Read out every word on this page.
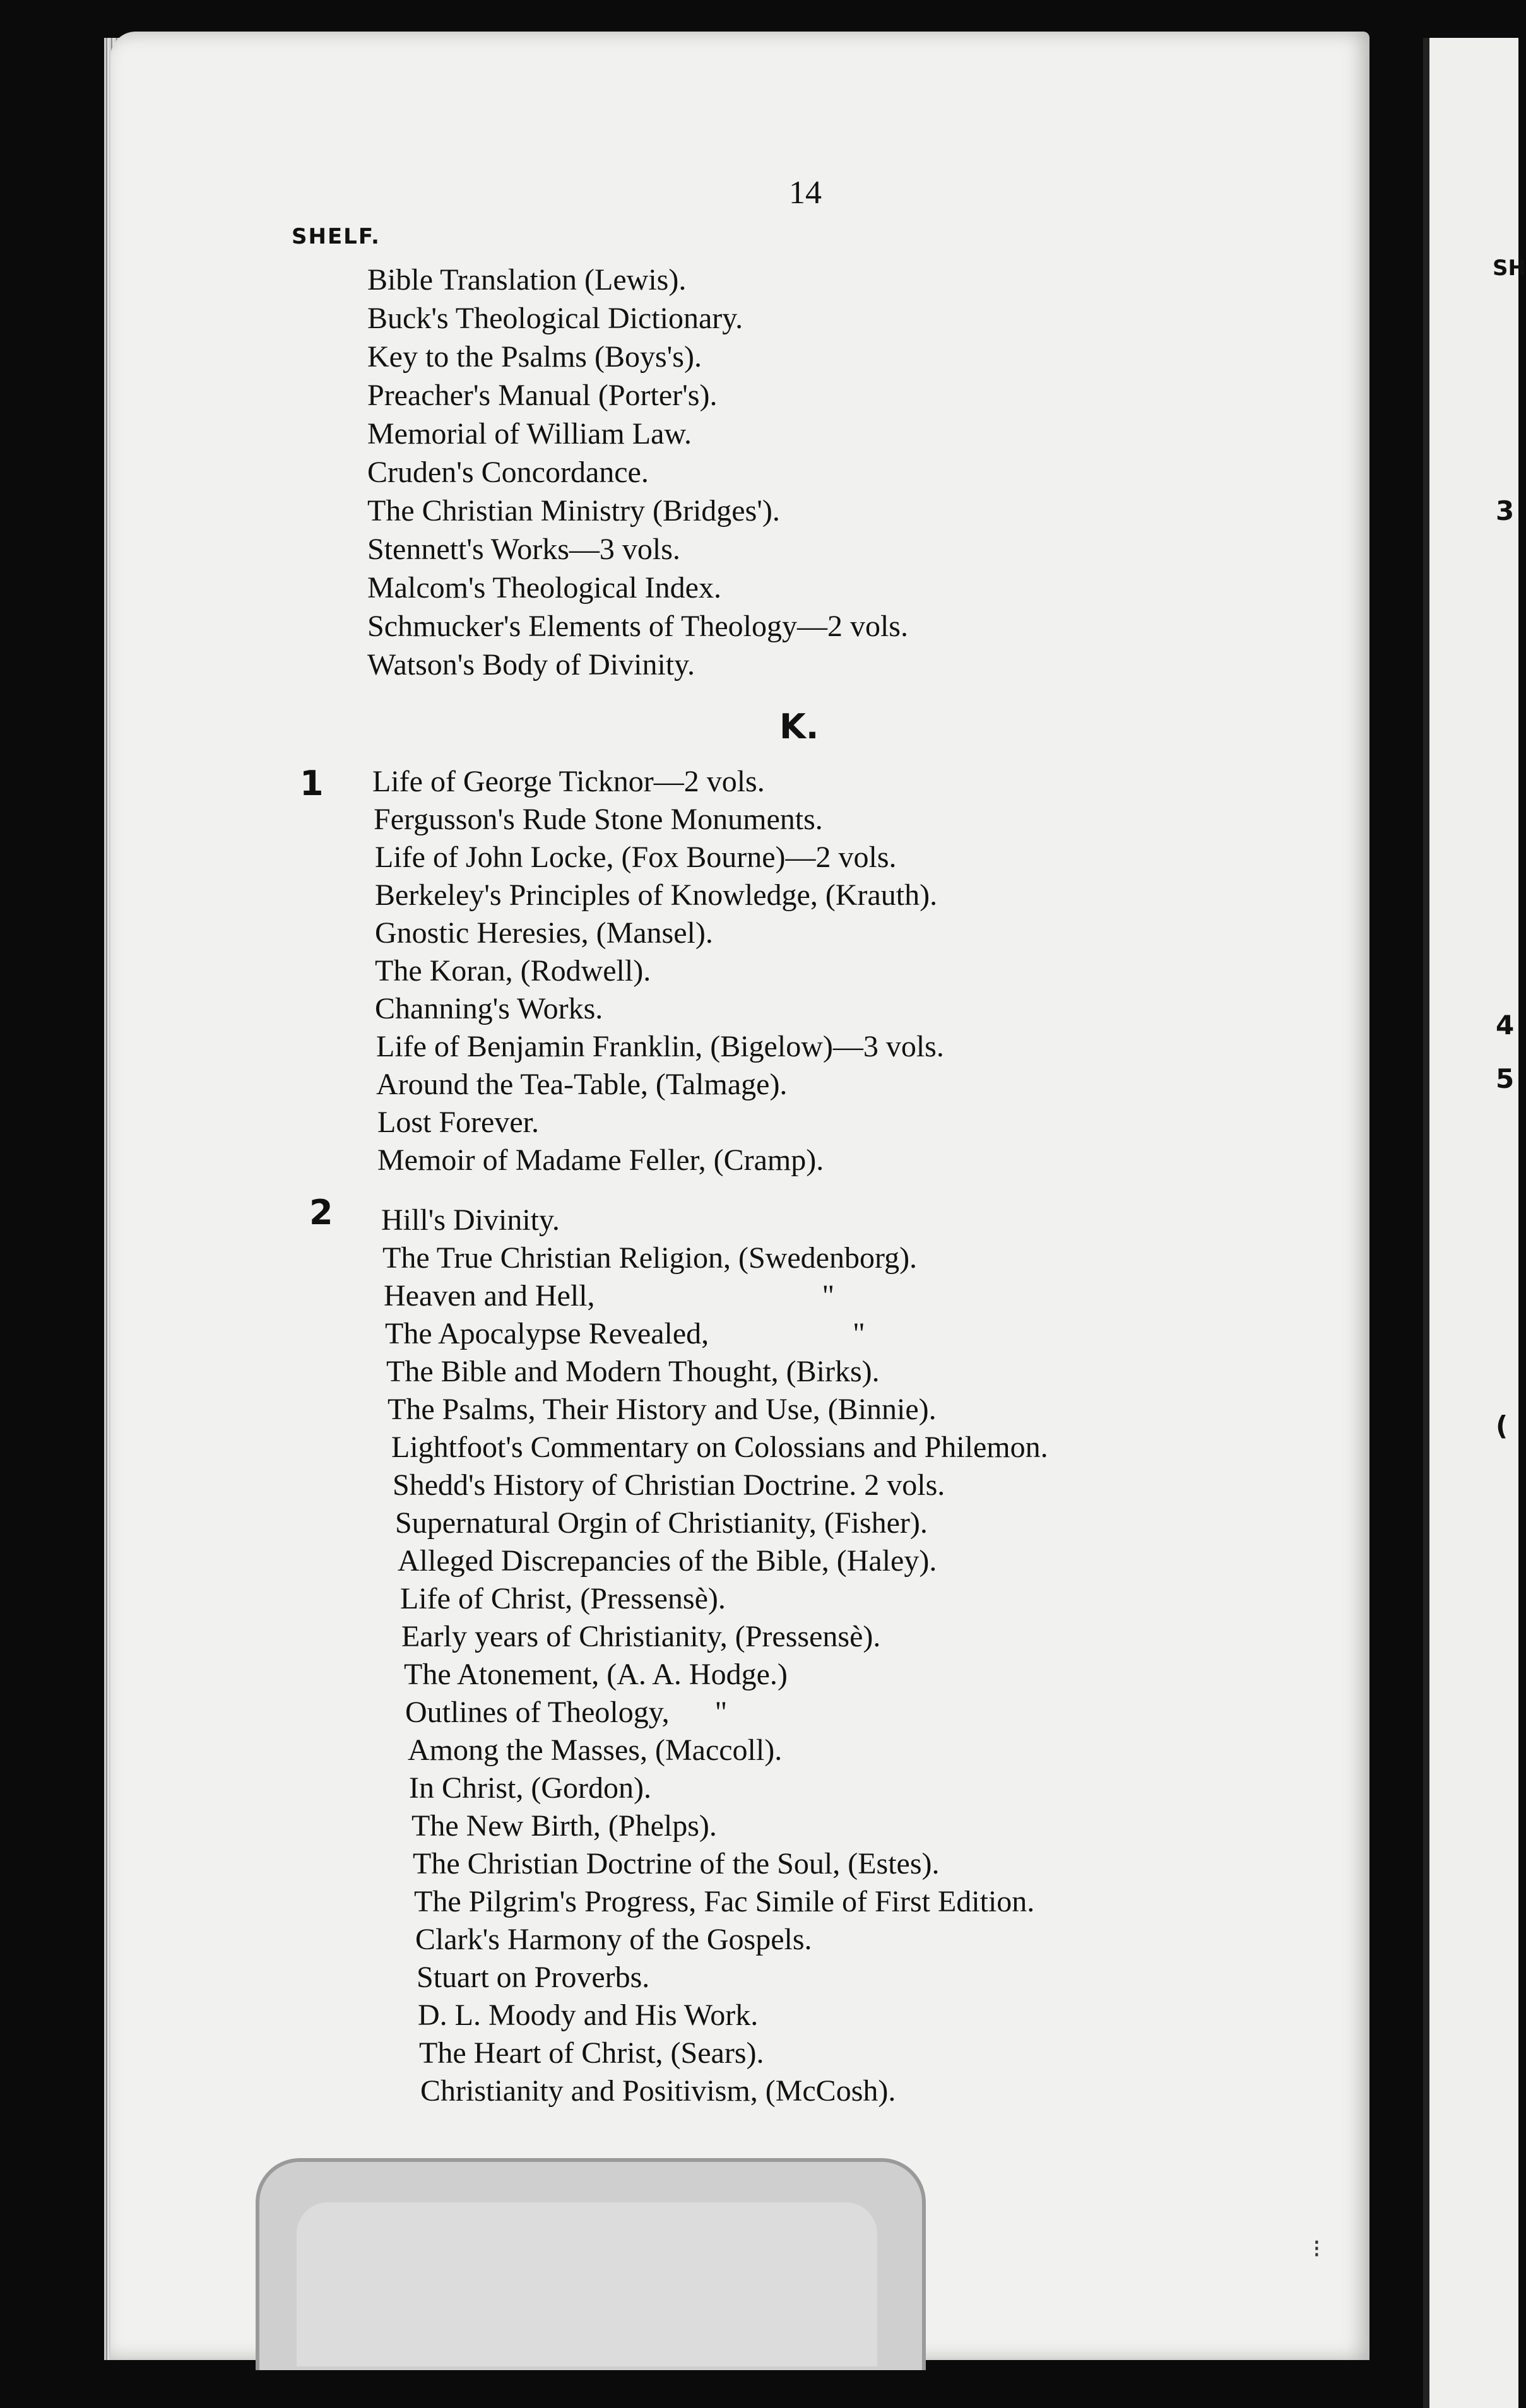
SH
3
4
5
(
14
SHELF.
Bible Translation (Lewis).
Buck's Theological Dictionary.
Key to the Psalms (Boys's).
Preacher's Manual (Porter's).
Memorial of William Law.
Cruden's Concordance.
The Christian Ministry (Bridges').
Stennett's Works—3 vols.
Malcom's Theological Index.
Schmucker's Elements of Theology—2 vols.
Watson's Body of Divinity.
K.
1 Life of George Ticknor—2 vols.
Fergusson's Rude Stone Monuments.
Life of John Locke, (Fox Bourne)—2 vols.
Berkeley's Principles of Knowledge, (Krauth).
Gnostic Heresies, (Mansel).
The Koran, (Rodwell).
Channing's Works.
Life of Benjamin Franklin, (Bigelow)—3 vols.
Around the Tea-Table, (Talmage).
Lost Forever.
Memoir of Madame Feller, (Cramp).
2 Hill's Divinity.
The True Christian Religion, (Swedenborg).
Heaven and Hell,                              "
The Apocalypse Revealed,                   "
The Bible and Modern Thought, (Birks).
The Psalms, Their History and Use, (Binnie).
Lightfoot's Commentary on Colossians and Philemon.
Shedd's History of Christian Doctrine. 2 vols.
Supernatural Orgin of Christianity, (Fisher).
Alleged Discrepancies of the Bible, (Haley).
Life of Christ, (Pressensè).
Early years of Christianity, (Pressensè).
The Atonement, (A. A. Hodge.)
Outlines of Theology,      "
Among the Masses, (Maccoll).
In Christ, (Gordon).
The New Birth, (Phelps).
The Christian Doctrine of the Soul, (Estes).
The Pilgrim's Progress, Fac Simile of First Edition.
Clark's Harmony of the Gospels.
Stuart on Proverbs.
D. L. Moody and His Work.
The Heart of Christ, (Sears).
Christianity and Positivism, (McCosh).
⁝
